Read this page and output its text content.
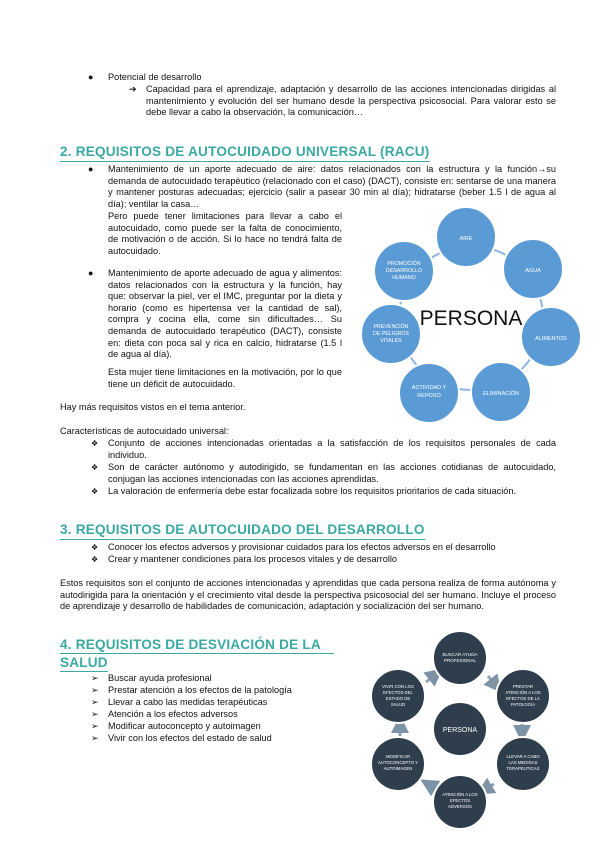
● Potencial de desarrollo
➔ Capacidad para el aprendizaje, adaptación y desarrollo de las acciones intencionadas dirigidas al mantenimiento y evolución del ser humano desde la perspectiva psicosocial. Para valorar esto se debe llevar a cabo la observación, la comunicación…
2. REQUISITOS DE AUTOCUIDADO UNIVERSAL (RACU)
● Mantenimiento de un aporte adecuado de aire: datos relacionados con la estructura y la función→su demanda de autocuidado terapéutico (relacionado con el caso) (DACT), consiste en: sentarse de una manera y mantener posturas adecuadas; ejercicio (salir a pasear 30 min al día); hidratarse (beber 1.5 l de agua al día); ventilar la casa…
Pero puede tener limitaciones para llevar a cabo el autocuidado, como puede ser la falta de conocimiento, de motivación o de acción. Si lo hace no tendrá falta de autocuidado.
● Mantenimiento de aporte adecuado de agua y alimentos: datos relacionados con la estructura y la función, hay que: observar la piel, ver el IMC, preguntar por la dieta y horario (como es hipertensa ver la cantidad de sal), compra y cocina ella, come sin dificultades… Su demanda de autocuidado terapéutico (DACT), consiste en: dieta con poca sal y rica en calcio, hidratarse (1.5 l de agua al día).
Esta mujer tiene limitaciones en la motivación, por lo que tiene un déficit de autocuidado.
Hay más requisitos vistos en el tema anterior.
Características de autocuidado universal:
❖ Conjunto de acciones intencionadas orientadas a la satisfacción de los requisitos personales de cada individuo.
❖ Son de carácter autónomo y autodirigido, se fundamentan en las acciones cotidianas de autocuidado, conjugan las acciones intencionadas con las acciones aprendidas.
❖ La valoración de enfermería debe estar focalizada sobre los requisitos prioritarios de cada situación.
PERSONA
AIRE
AGUA
ALIMENTOS
ELIMINACIÓN
ACTIVIDAD Y
REPOSO
PREVENCIÓN
DE PELIGROS
VITALES
PROMOCIÓN
DESARROLLO
HUMANO
3. REQUISITOS DE AUTOCUIDADO DEL DESARROLLO
❖ Conocer los efectos adversos y provisionar cuidados para los efectos adversos en el desarrollo
❖ Crear y mantener condiciones para los procesos vitales y de desarrollo
Estos requisitos son el conjunto de acciones intencionadas y aprendidas que cada persona realiza de forma autónoma y autodirigida para la orientación y el crecimiento vital desde la perspectiva psicosocial del ser humano. Incluye el proceso de aprendizaje y desarrollo de habilidades de comunicación, adaptación y socialización del ser humano.
4. REQUISITOS DE DESVIACIÓN DE LA
SALUD
➢ Buscar ayuda profesional
➢ Prestar atención a los efectos de la patología
➢ Llevar a cabo las medidas terapéuticas
➢ Atención a los efectos adversos
➢ Modificar autoconcepto y autoimagen
➢ Vivir con los efectos del estado de salud
PERSONA
BUSCAR AYUDA
PROFESIONAL
PRESTAR
ATENCIÓN A LOS
EFECTOS DE LA
PATOLOGÍA
LLEVAR A CABO
LAS MEDIDAS
TERAPÉUTICAS
ATENCIÓN A LOS
EFECTOS
ADVERSOS
MODIFICAR
AUTOCONCEPTO Y
AUTOIMAGEN
VIVIR CON LOS
EFECTOS DEL
ESTADO DE
SALUD
